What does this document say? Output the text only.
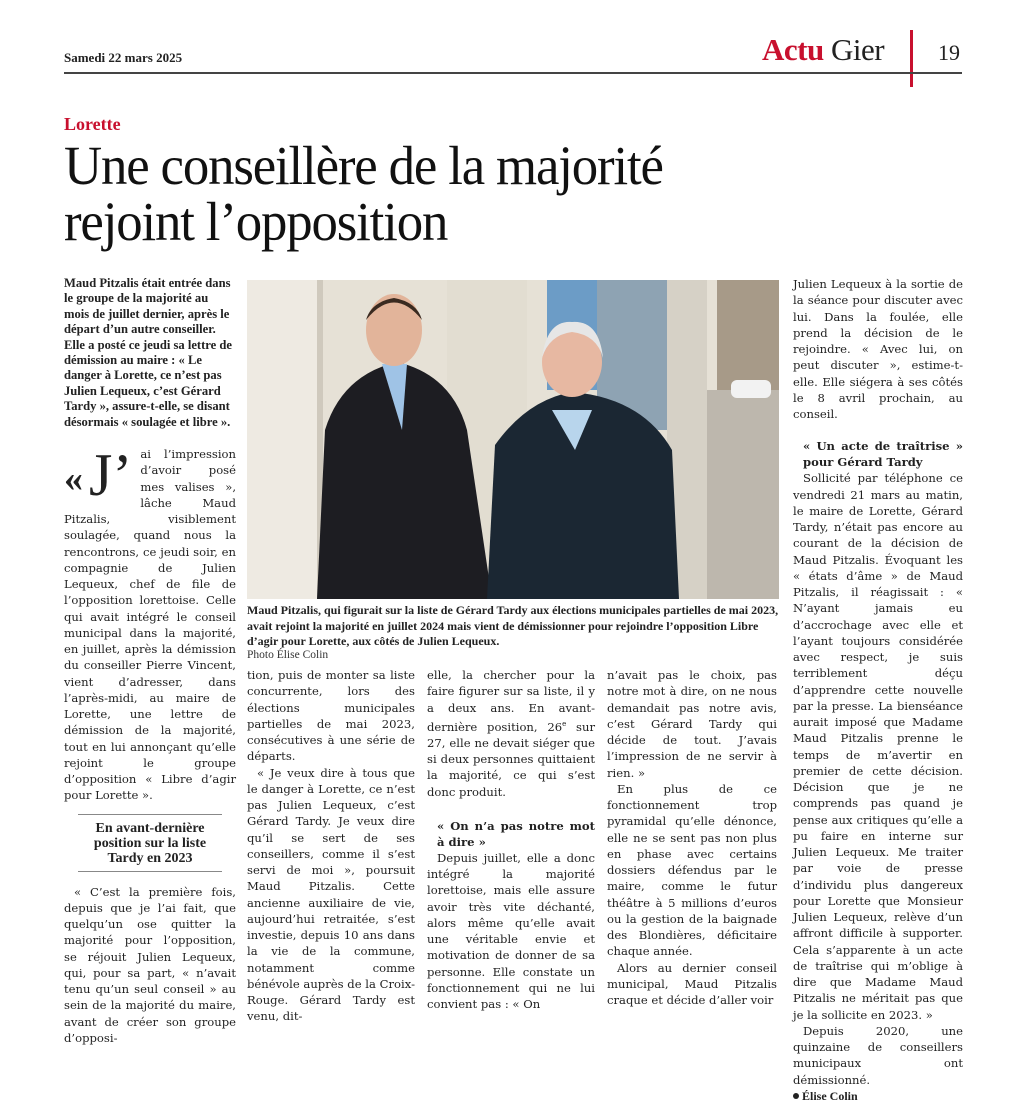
Samedi 22 mars 2025	Actu Gier 19
Lorette
Une conseillère de la majorité
rejoint l’opposition

Maud Pitzalis était entrée dans le groupe de la majorité au mois de juillet dernier, après le départ d’un autre conseiller. Elle a posté ce jeudi sa lettre de démission au maire : « Le danger à Lorette, ce n’est pas Julien Lequeux, c’est Gérard Tardy », assure-t-elle, se disant désormais « soulagée et libre ».

« J’ ai l’impression d’avoir posé mes valises », lâche Maud Pitzalis, visiblement soulagée, quand nous la rencontrons, ce jeudi soir, en compagnie de Julien Lequeux, chef de file de l’opposition lorettoise. Celle qui avait intégré le conseil municipal dans la majorité, en juillet, après la démission du conseiller Pierre Vincent, vient d’adresser, dans l’après-midi, au maire de Lorette, une lettre de démission de la majorité, tout en lui annonçant qu’elle rejoint le groupe d’opposition « Libre d’agir pour Lorette ».

En avant-dernière position sur la liste Tardy en 2023

« C’est la première fois, depuis que je l’ai fait, que quelqu’un ose quitter la majorité pour l’opposition, se réjouit Julien Lequeux, qui, pour sa part, « n’avait tenu qu’un seul conseil » au sein de la majorité du maire, avant de créer son groupe d’opposi-

Maud Pitzalis, qui figurait sur la liste de Gérard Tardy aux élections municipales partielles de mai 2023, avait rejoint la majorité en juillet 2024 mais vient de démissionner pour rejoindre l’opposition Libre d’agir pour Lorette, aux côtés de Julien Lequeux.
Photo Élise Colin

tion, puis de monter sa liste concurrente, lors des élections municipales partielles de mai 2023, consécutives à une série de départs.

« Je veux dire à tous que le danger à Lorette, ce n’est pas Julien Lequeux, c’est Gérard Tardy. Je veux dire qu’il se sert de ses conseillers, comme il s’est servi de moi », poursuit Maud Pitzalis. Cette ancienne auxiliaire de vie, aujourd’hui retraitée, s’est investie, depuis 10 ans dans la vie de la commune, notamment comme bénévole auprès de la Croix-Rouge. Gérard Tardy est venu, dit-

elle, la chercher pour la faire figurer sur sa liste, il y a deux ans. En avant-dernière position, 26e sur 27, elle ne devait siéger que si deux personnes quittaient la majorité, ce qui s’est donc produit.

« On n’a pas notre mot à dire »

Depuis juillet, elle a donc intégré la majorité lorettoise, mais elle assure avoir très vite déchanté, alors même qu’elle avait une véritable envie et motivation de donner de sa personne. Elle constate un fonctionnement qui ne lui convient pas : « On

n’avait pas le choix, pas notre mot à dire, on ne nous demandait pas notre avis, c’est Gérard Tardy qui décide de tout. J’avais l’impression de ne servir à rien. »

En plus de ce fonctionnement trop pyramidal qu’elle dénonce, elle ne se sent pas non plus en phase avec certains dossiers défendus par le maire, comme le futur théâtre à 5 millions d’euros ou la gestion de la baignade des Blondières, déficitaire chaque année.

Alors au dernier conseil municipal, Maud Pitzalis craque et décide d’aller voir

Julien Lequeux à la sortie de la séance pour discuter avec lui. Dans la foulée, elle prend la décision de le rejoindre. « Avec lui, on peut discuter », estime-t-elle. Elle siégera à ses côtés le 8 avril prochain, au conseil.

« Un acte de traîtrise » pour Gérard Tardy

Sollicité par téléphone ce vendredi 21 mars au matin, le maire de Lorette, Gérard Tardy, n’était pas encore au courant de la décision de Maud Pitzalis. Évoquant les « états d’âme » de Maud Pitzalis, il réagissait : « N’ayant jamais eu d’accrochage avec elle et l’ayant toujours considérée avec respect, je suis terriblement déçu d’apprendre cette nouvelle par la presse. La bienséance aurait imposé que Madame Maud Pitzalis prenne le temps de m’avertir en premier de cette décision. Décision que je ne comprends pas quand je pense aux critiques qu’elle a pu faire en interne sur Julien Lequeux. Me traiter par voie de presse d’individu plus dangereux pour Lorette que Monsieur Julien Lequeux, relève d’un affront difficile à supporter. Cela s’apparente à un acte de traîtrise qui m’oblige à dire que Madame Maud Pitzalis ne méritait pas que je la sollicite en 2023. »

Depuis 2020, une quinzaine de conseillers municipaux ont démissionné.

Élise Colin
